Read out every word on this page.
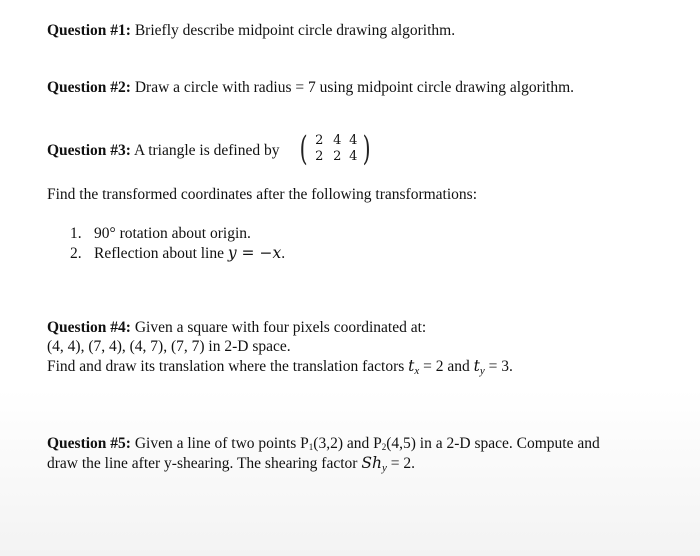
Question #1: Briefly describe midpoint circle drawing algorithm.
Question #2: Draw a circle with radius = 7 using midpoint circle drawing algorithm.
Question #3: A triangle is defined by ( 2 4 4
2 2 4 )
Find the transformed coordinates after the following transformations:
1. 90° rotation about origin.
2. Reflection about line y = −x.
Question #4: Given a square with four pixels coordinated at:
(4, 4), (7, 4), (4, 7), (7, 7) in 2-D space.
Find and draw its translation where the translation factors $t_x = 2$ and $t_y = 3$.
Question #5: Given a line of two points P1(3,2) and P2(4,5) in a 2-D space. Compute and
draw the line after y-shearing. The shearing factor $Sh_y = 2$.
